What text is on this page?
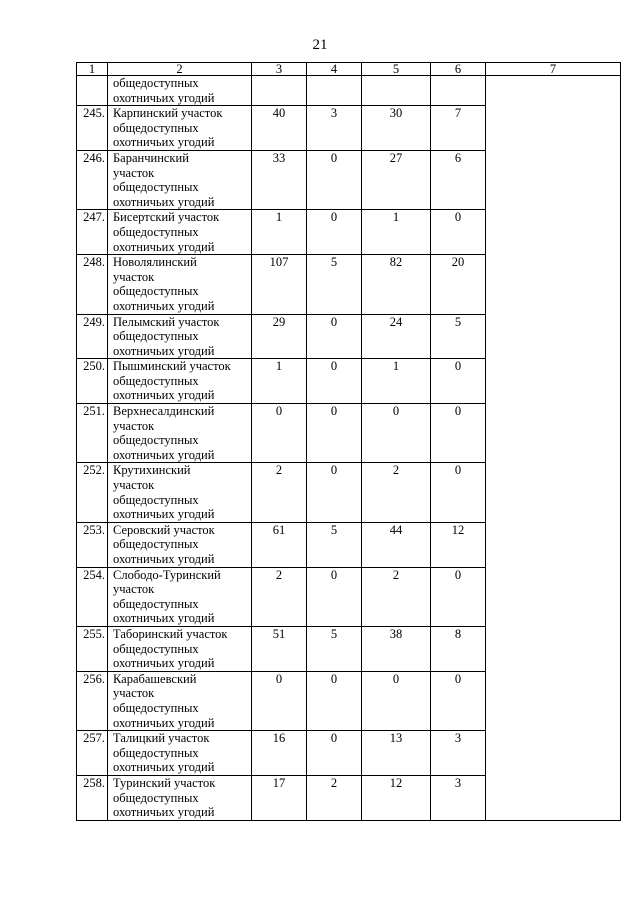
21
1	2	3	4	5	6	7

	общедоступных
охотничьих угодий					

245.	Карпинский участок
общедоступных
охотничьих угодий	40	3	30	7	
246.	Баранчинский
участок
общедоступных
охотничьих угодий	33	0	27	6	
247.	Бисертский участок
общедоступных
охотничьих угодий	1	0	1	0	
248.	Новолялинский
участок
общедоступных
охотничьих угодий	107	5	82	20	
249.	Пелымский участок
общедоступных
охотничьих угодий	29	0	24	5	
250.	Пышминский участок
общедоступных
охотничьих угодий	1	0	1	0	
251.	Верхнесалдинский
участок
общедоступных
охотничьих угодий	0	0	0	0	
252.	Крутихинский
участок
общедоступных
охотничьих угодий	2	0	2	0	
253.	Серовский участок
общедоступных
охотничьих угодий	61	5	44	12	
254.	Слободо-Туринский
участок
общедоступных
охотничьих угодий	2	0	2	0	
255.	Таборинский участок
общедоступных
охотничьих угодий	51	5	38	8	
256.	Карабашевский
участок
общедоступных
охотничьих угодий	0	0	0	0	
257.	Талицкий участок
общедоступных
охотничьих угодий	16	0	13	3	
258.	Туринский участок
общедоступных
охотничьих угодий	17	2	12	3	
